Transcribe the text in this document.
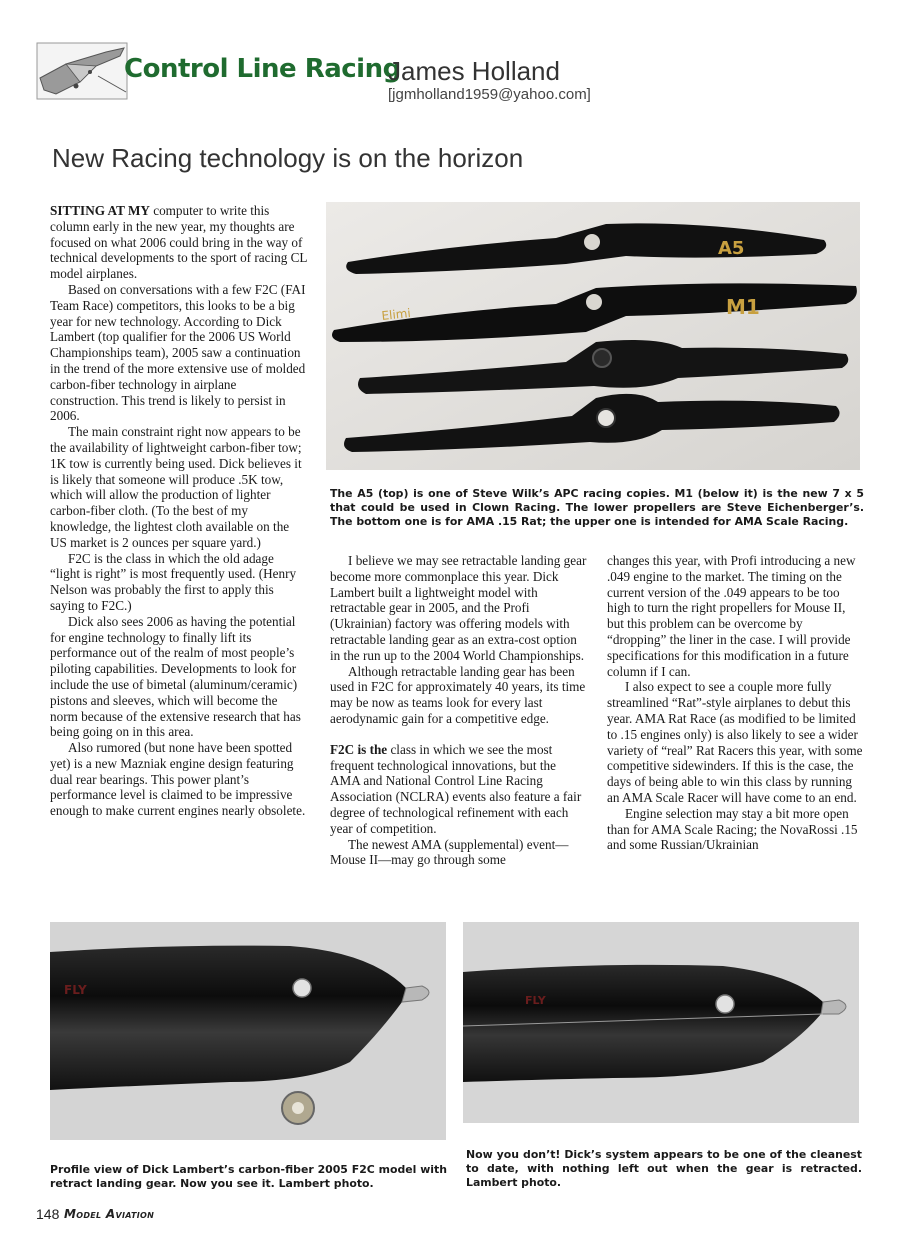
Control Line Racing
James Holland
[jgmholland1959@yahoo.com]
New Racing technology is on the horizon

SITTING AT MY computer to write this column early in the new year, my thoughts are focused on what 2006 could bring in the way of technical developments to the sport of racing CL model airplanes.

Based on conversations with a few F2C (FAI Team Race) competitors, this looks to be a big year for new technology. According to Dick Lambert (top qualifier for the 2006 US World Championships team), 2005 saw a continuation in the trend of the more extensive use of molded carbon-fiber technology in airplane construction. This trend is likely to persist in 2006.

The main constraint right now appears to be the availability of lightweight carbon-fiber tow; 1K tow is currently being used. Dick believes it is likely that someone will produce .5K tow, which will allow the production of lighter carbon-fiber cloth. (To the best of my knowledge, the lightest cloth available on the US market is 2 ounces per square yard.)

F2C is the class in which the old adage “light is right” is most frequently used. (Henry Nelson was probably the first to apply this saying to F2C.)

Dick also sees 2006 as having the potential for engine technology to finally lift its performance out of the realm of most people’s piloting capabilities. Developments to look for include the use of bimetal (aluminum/ceramic) pistons and sleeves, which will become the norm because of the extensive research that has being going on in this area.

Also rumored (but none have been spotted yet) is a new Mazniak engine design featuring dual rear bearings. This power plant’s performance level is claimed to be impressive enough to make current engines nearly obsolete.

A5
M1
Elimi
The A5 (top) is one of Steve Wilk’s APC racing copies. M1 (below it) is the new 7 x 5 that could be used in Clown Racing. The lower propellers are Steve Eichenberger’s. The bottom one is for AMA .15 Rat; the upper one is intended for AMA Scale Racing.

I believe we may see retractable landing gear become more commonplace this year. Dick Lambert built a lightweight model with retractable gear in 2005, and the Profi (Ukrainian) factory was offering models with retractable landing gear as an extra-cost option in the run up to the 2004 World Championships.

Although retractable landing gear has been used in F2C for approximately 40 years, its time may be now as teams look for every last aerodynamic gain for a competitive edge.

F2C is the class in which we see the most frequent technological innovations, but the AMA and National Control Line Racing Association (NCLRA) events also feature a fair degree of technological refinement with each year of competition.

The newest AMA (supplemental) event—Mouse II—may go through some

changes this year, with Profi introducing a new .049 engine to the market. The timing on the current version of the .049 appears to be too high to turn the right propellers for Mouse II, but this problem can be overcome by “dropping” the liner in the case. I will provide specifications for this modification in a future column if I can.

I also expect to see a couple more fully streamlined “Rat”-style airplanes to debut this year. AMA Rat Race (as modified to be limited to .15 engines only) is also likely to see a wider variety of “real” Rat Racers this year, with some competitive sidewinders. If this is the case, the days of being able to win this class by running an AMA Scale Racer will have come to an end.

Engine selection may stay a bit more open than for AMA Scale Racing; the NovaRossi .15 and some Russian/Ukrainian

FLY
Profile view of Dick Lambert’s carbon-fiber 2005 F2C model with retract landing gear. Now you see it. Lambert photo.
FLY
Now you don’t! Dick’s system appears to be one of the cleanest to date, with nothing left out when the gear is retracted. Lambert photo.
148 Model Aviation
